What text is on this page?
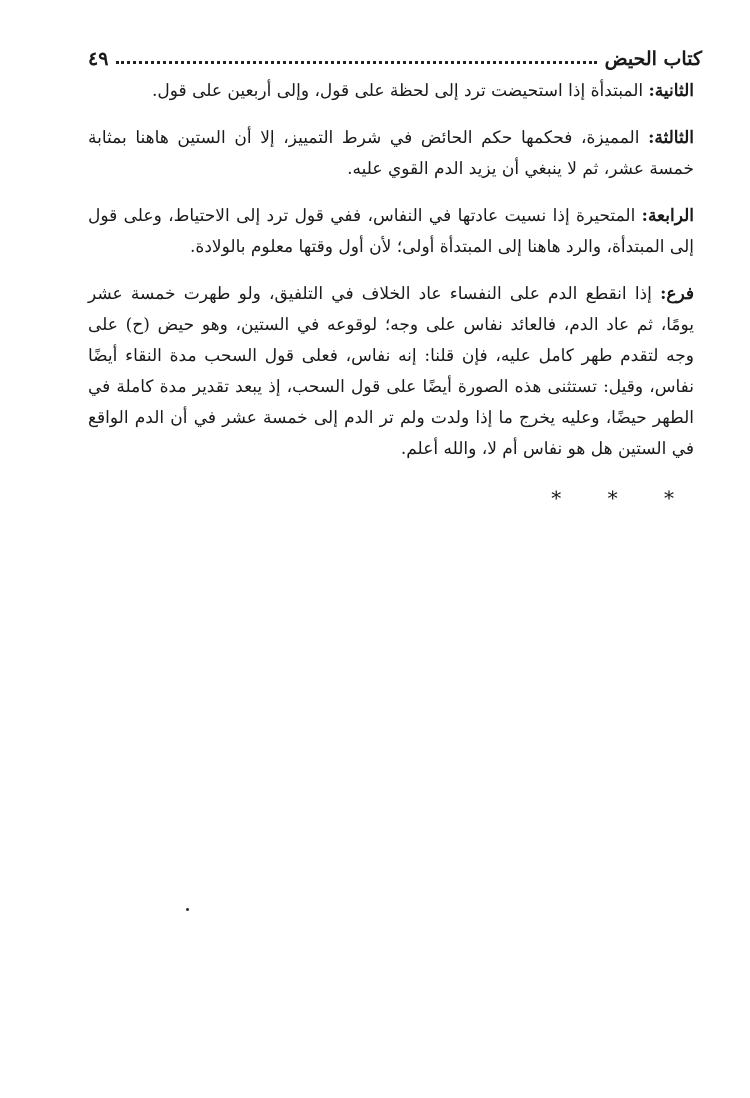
كتاب الحيض
٤٩

الثانية: المبتدأة إذا استحيضت ترد إلى لحظة على قول، وإلى أربعين على قول.

الثالثة: المميزة، فحكمها حكم الحائض في شرط التمييز، إلا أن الستين هاهنا بمثابة خمسة عشر، ثم لا ينبغي أن يزيد الدم القوي عليه.

الرابعة: المتحيرة إذا نسيت عادتها في النفاس، ففي قول ترد إلى الاحتياط، وعلى قول إلى المبتدأة، والرد هاهنا إلى المبتدأة أولى؛ لأن أول وقتها معلوم بالولادة.

فرع: إذا انقطع الدم على النفساء عاد الخلاف في التلفيق، ولو طهرت خمسة عشر يومًا، ثم عاد الدم، فالعائد نفاس على وجه؛ لوقوعه في الستين، وهو حيض (ح) على وجه لتقدم طهر كامل عليه، فإن قلنا: إنه نفاس، فعلى قول السحب مدة النقاء أيضًا نفاس، وقيل: تستثنى هذه الصورة أيضًا على قول السحب، إذ يبعد تقدير مدة كاملة في الطهر حيضًا، وعليه يخرج ما إذا ولدت ولم تر الدم إلى خمسة عشر في أن الدم الواقع في الستين هل هو نفاس أم لا، والله أعلم.

* * *
